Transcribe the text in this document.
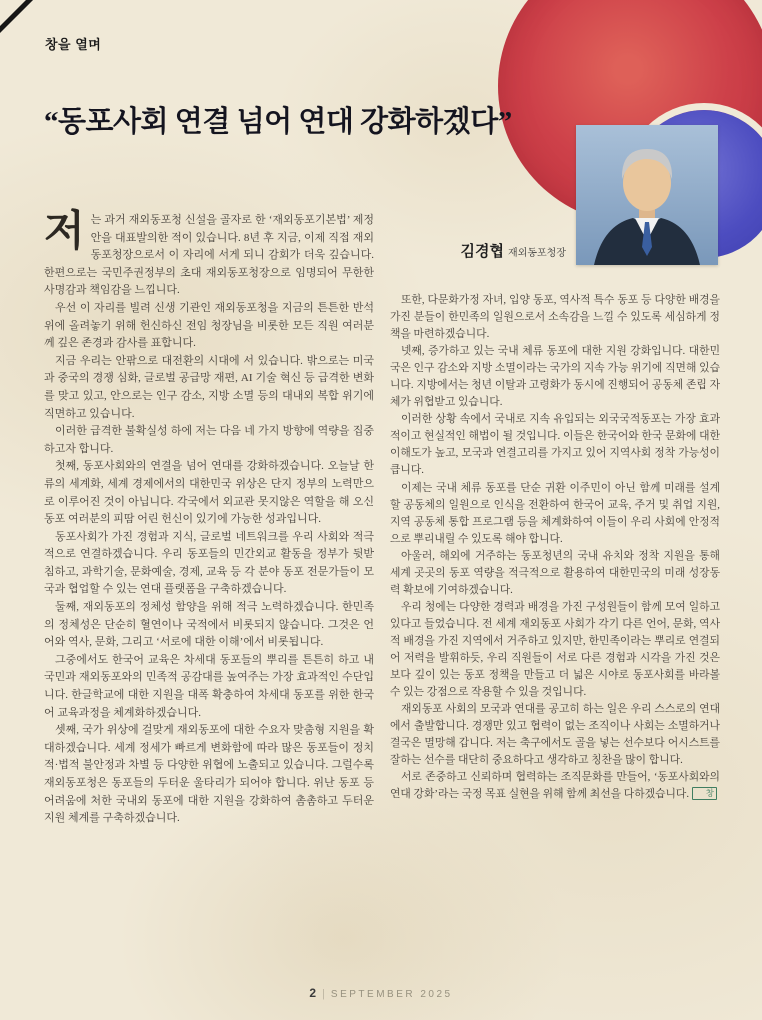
창을 열며
“동포사회 연결 넘어 연대 강화하겠다”
김경협 재외동포청장

저는 과거 재외동포청 신설을 골자로 한 ‘재외동포기본법’ 제정안을 대표발의한 적이 있습니다. 8년 후 지금, 이제 직접 재외동포청장으로서 이 자리에 서게 되니 감회가 더욱 깊습니다. 한편으로는 국민주권정부의 초대 재외동포청장으로 임명되어 무한한 사명감과 책임감을 느낍니다.

우선 이 자리를 빌려 신생 기관인 재외동포청을 지금의 튼튼한 반석 위에 올려놓기 위해 헌신하신 전임 청장님을 비롯한 모든 직원 여러분께 깊은 존경과 감사를 표합니다.

지금 우리는 안팎으로 대전환의 시대에 서 있습니다. 밖으로는 미국과 중국의 경쟁 심화, 글로벌 공급망 재편, AI 기술 혁신 등 급격한 변화를 맞고 있고, 안으로는 인구 감소, 지방 소멸 등의 대내외 복합 위기에 직면하고 있습니다.

이러한 급격한 불확실성 하에 저는 다음 네 가지 방향에 역량을 집중하고자 합니다.

첫째, 동포사회와의 연결을 넘어 연대를 강화하겠습니다. 오늘날 한류의 세계화, 세계 경제에서의 대한민국 위상은 단지 정부의 노력만으로 이루어진 것이 아닙니다. 각국에서 외교관 못지않은 역할을 해 오신 동포 여러분의 피땀 어린 헌신이 있기에 가능한 성과입니다.

동포사회가 가진 경험과 지식, 글로벌 네트워크를 우리 사회와 적극적으로 연결하겠습니다. 우리 동포들의 민간외교 활동을 정부가 뒷받침하고, 과학기술, 문화예술, 경제, 교육 등 각 분야 동포 전문가들이 모국과 협업할 수 있는 연대 플랫폼을 구축하겠습니다.

둘째, 재외동포의 정체성 함양을 위해 적극 노력하겠습니다. 한민족의 정체성은 단순히 혈연이나 국적에서 비롯되지 않습니다. 그것은 언어와 역사, 문화, 그리고 ‘서로에 대한 이해’에서 비롯됩니다.

그중에서도 한국어 교육은 차세대 동포들의 뿌리를 튼튼히 하고 내국민과 재외동포와의 민족적 공감대를 높여주는 가장 효과적인 수단입니다. 한글학교에 대한 지원을 대폭 확충하여 차세대 동포를 위한 한국어 교육과정을 체계화하겠습니다.

셋째, 국가 위상에 걸맞게 재외동포에 대한 수요자 맞춤형 지원을 확대하겠습니다. 세계 정세가 빠르게 변화함에 따라 많은 동포들이 정치적·법적 불안정과 차별 등 다양한 위협에 노출되고 있습니다. 그럴수록 재외동포청은 동포들의 두터운 울타리가 되어야 합니다. 위난 동포 등 어려움에 처한 국내외 동포에 대한 지원을 강화하여 촘촘하고 두터운 지원 체계를 구축하겠습니다.

또한, 다문화가정 자녀, 입양 동포, 역사적 특수 동포 등 다양한 배경을 가진 분들이 한민족의 일원으로서 소속감을 느낄 수 있도록 세심하게 정책을 마련하겠습니다.

넷째, 증가하고 있는 국내 체류 동포에 대한 지원 강화입니다. 대한민국은 인구 감소와 지방 소멸이라는 국가의 지속 가능 위기에 직면해 있습니다. 지방에서는 청년 이탈과 고령화가 동시에 진행되어 공동체 존립 자체가 위협받고 있습니다.

이러한 상황 속에서 국내로 지속 유입되는 외국국적동포는 가장 효과적이고 현실적인 해법이 될 것입니다. 이들은 한국어와 한국 문화에 대한 이해도가 높고, 모국과 연결고리를 가지고 있어 지역사회 정착 가능성이 큽니다.

이제는 국내 체류 동포를 단순 귀환 이주민이 아닌 함께 미래를 설계할 공동체의 일원으로 인식을 전환하여 한국어 교육, 주거 및 취업 지원, 지역 공동체 통합 프로그램 등을 체계화하여 이들이 우리 사회에 안정적으로 뿌리내릴 수 있도록 해야 합니다.

아울러, 해외에 거주하는 동포청년의 국내 유치와 정착 지원을 통해 세계 곳곳의 동포 역량을 적극적으로 활용하여 대한민국의 미래 성장동력 확보에 기여하겠습니다.

우리 청에는 다양한 경력과 배경을 가진 구성원들이 함께 모여 일하고 있다고 들었습니다. 전 세계 재외동포 사회가 각기 다른 언어, 문화, 역사적 배경을 가진 지역에서 거주하고 있지만, 한민족이라는 뿌리로 연결되어 저력을 발휘하듯, 우리 직원들이 서로 다른 경험과 시각을 가진 것은 보다 깊이 있는 동포 정책을 만들고 더 넓은 시야로 동포사회를 바라볼 수 있는 강점으로 작용할 수 있을 것입니다.

재외동포 사회의 모국과 연대를 공고히 하는 일은 우리 스스로의 연대에서 출발합니다. 경쟁만 있고 협력이 없는 조직이나 사회는 소멸하거나 결국은 멸망해 갑니다. 저는 축구에서도 골을 넣는 선수보다 어시스트를 잘하는 선수를 대단히 중요하다고 생각하고 칭찬을 많이 합니다.

서로 존중하고 신뢰하며 협력하는 조직문화를 만들어, ‘동포사회와의 연대 강화’라는 국정 목표 실현을 위해 함께 최선을 다하겠습니다. 창

2 | SEPTEMBER 2025
